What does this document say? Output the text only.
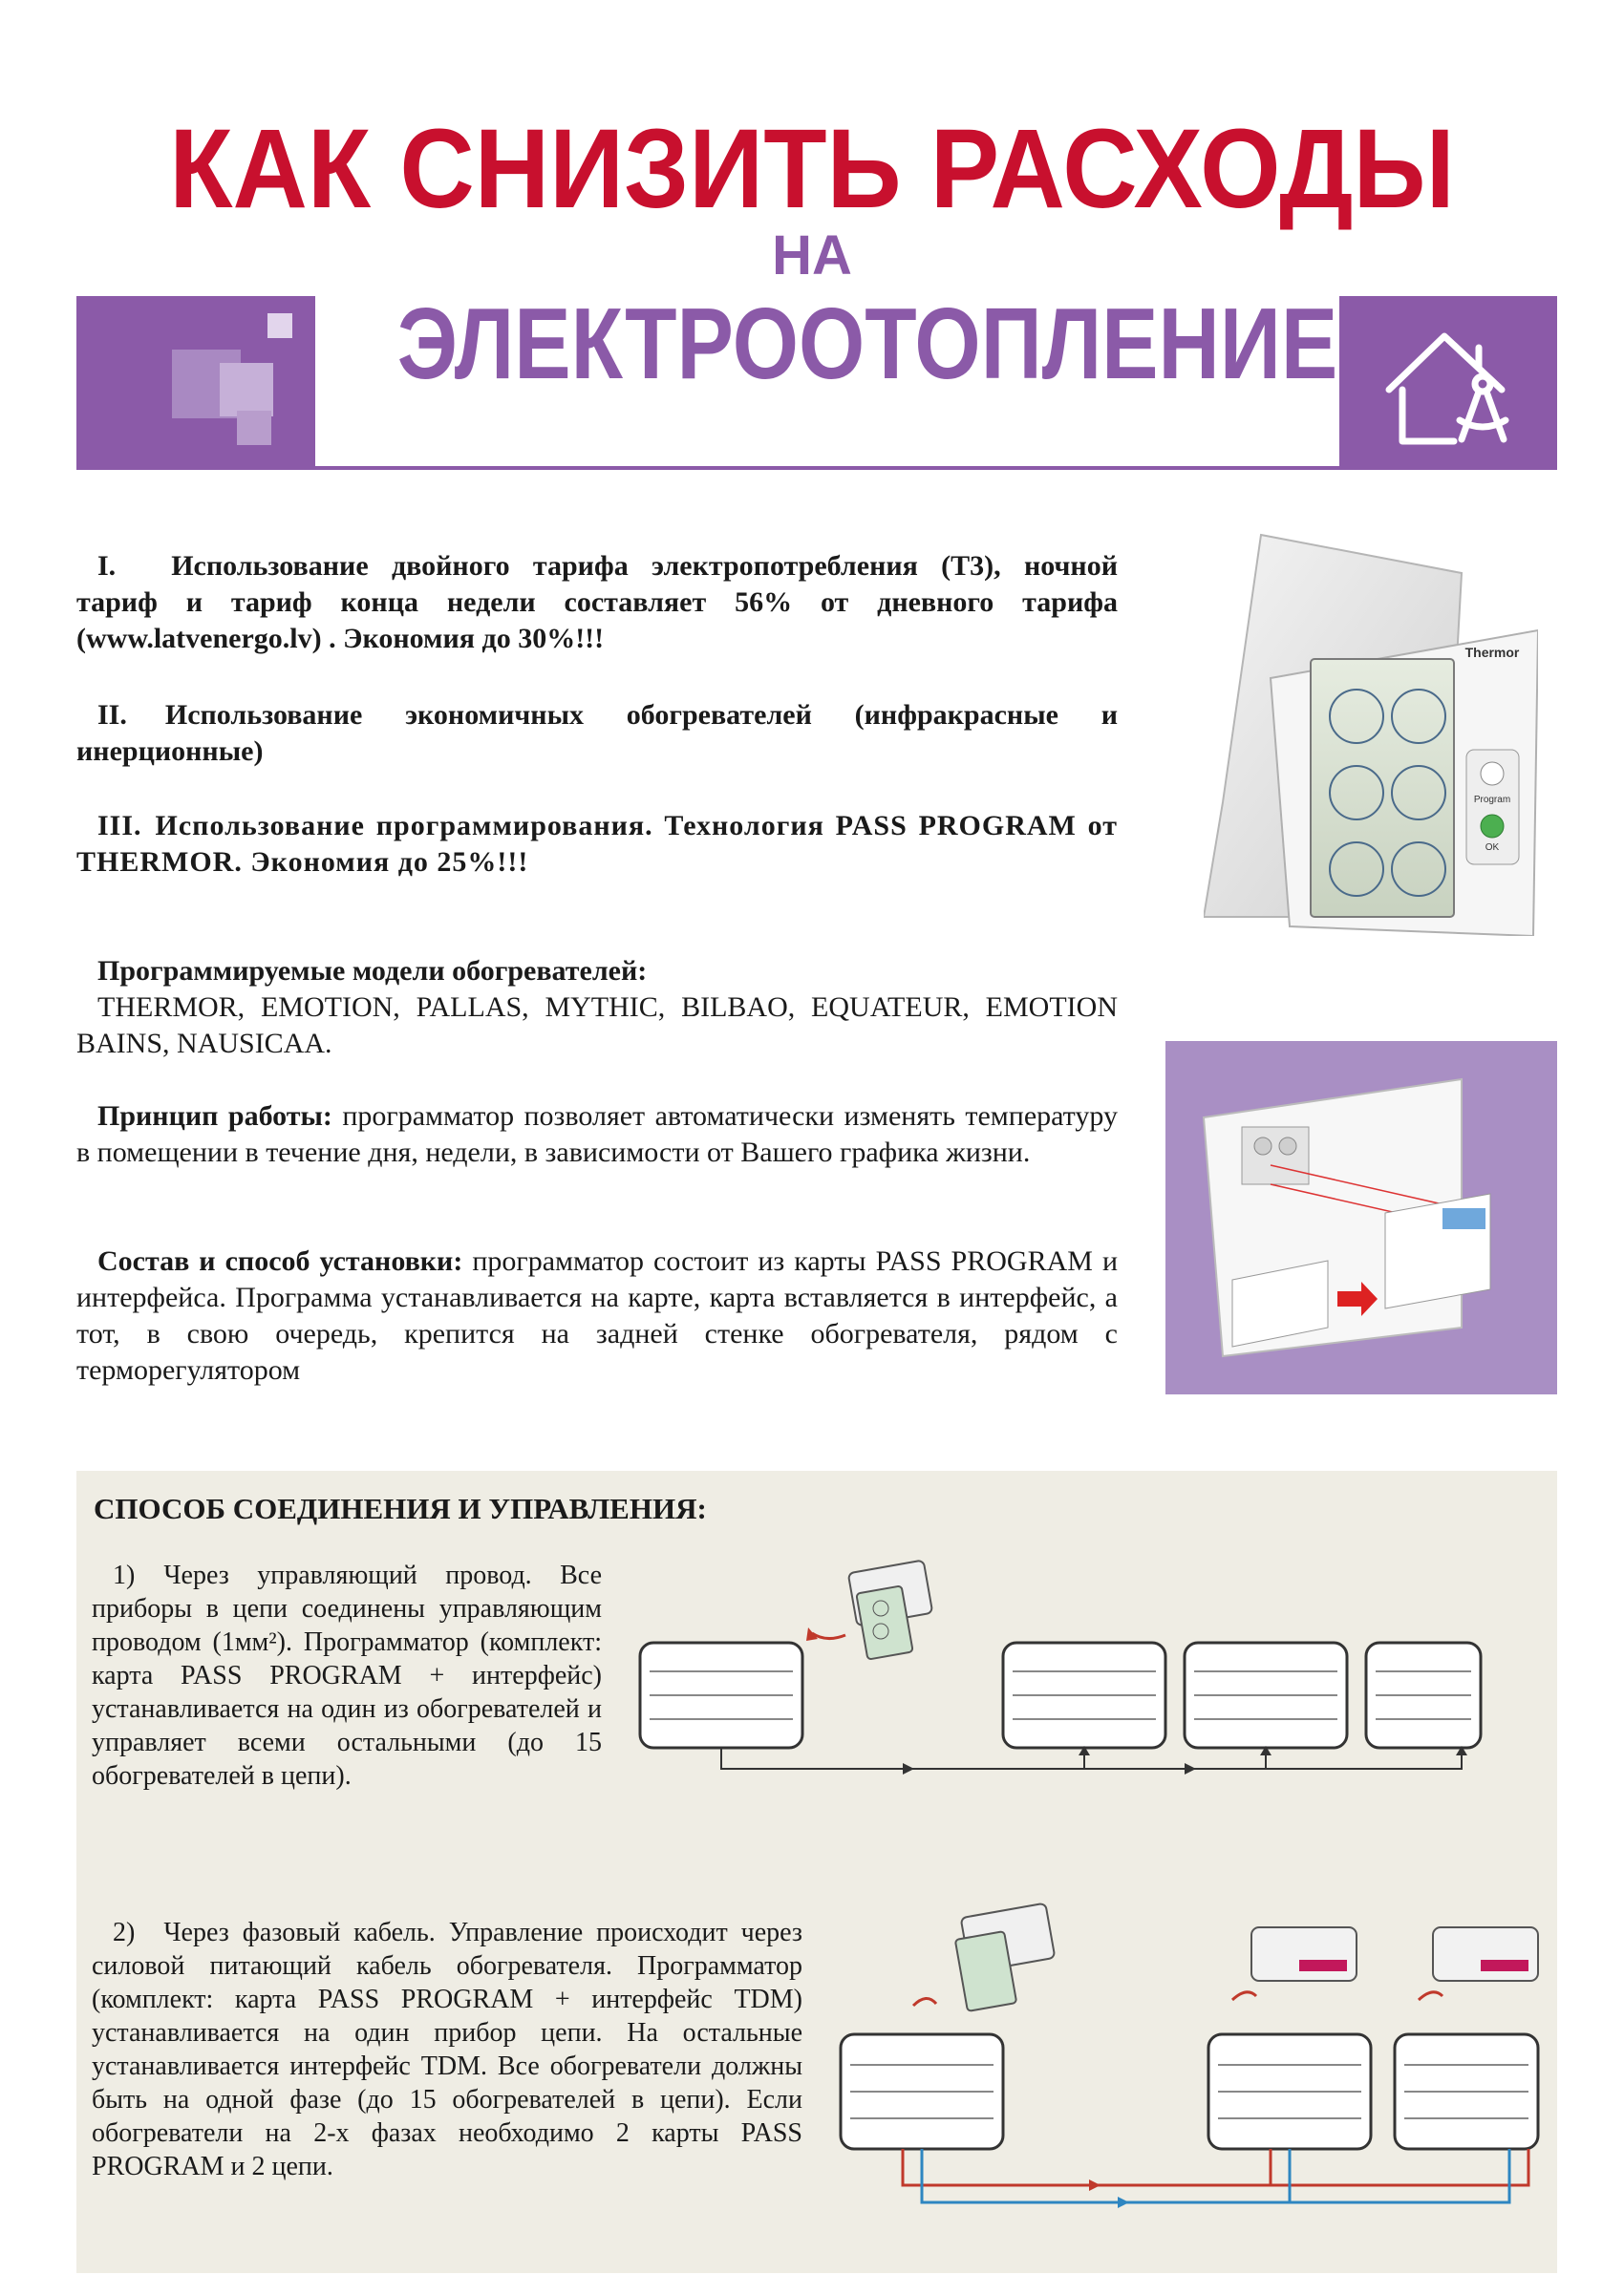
КАК СНИЗИТЬ РАСХОДЫ
НА
ЭЛЕКТРООТОПЛЕНИЕ
I. Использование двойного тарифа электропотребления (Т3), ночной тариф и тариф конца недели составляет 56% от дневного тарифа (www.latvenergo.lv) . Экономия до 30%!!!
II. Использование экономичных обогревателей (инфракрасные и инерционные)
III. Использование программирования. Технология PASS PROGRAM от THERMOR. Экономия до 25%!!!
Программируемые модели обогревателей:
THERMOR, EMOTION, PALLAS, MYTHIC, BILBAO, EQUATEUR, EMOTION BAINS, NAUSICAA.
Принцип работы: программатор позволяет автоматически изменять температуру в помещении в течение дня, недели, в зависимости от Вашего графика жизни.
Состав и способ установки: программатор состоит из карты PASS PROGRAM и интерфейса. Программа устанавливается на карте, карта вставляется в интерфейс, а тот, в свою очередь, крепится на задней стенке обогревателя, рядом с терморегулятором
Thermor
Program
OK
СПОСОБ СОЕДИНЕНИЯ И УПРАВЛЕНИЯ:
1) Через управляющий провод. Все приборы в цепи соединены управляющим проводом (1мм²). Программатор (комплект: карта PASS PROGRAM + интерфейс) устанавливается на один из обогревателей и управляет всеми остальными (до 15 обогревателей в цепи).
2) Через фазовый кабель. Управление происходит через силовой питающий кабель обогревателя. Программатор (комплект: карта PASS PROGRAM + интерфейс TDM) устанавливается на один прибор цепи. На остальные устанавливается интерфейс TDM. Все обогреватели должны быть на одной фазе (до 15 обогревателей в цепи). Если обогреватели на 2-х фазах необходимо 2 карты PASS PROGRAM и 2 цепи.
